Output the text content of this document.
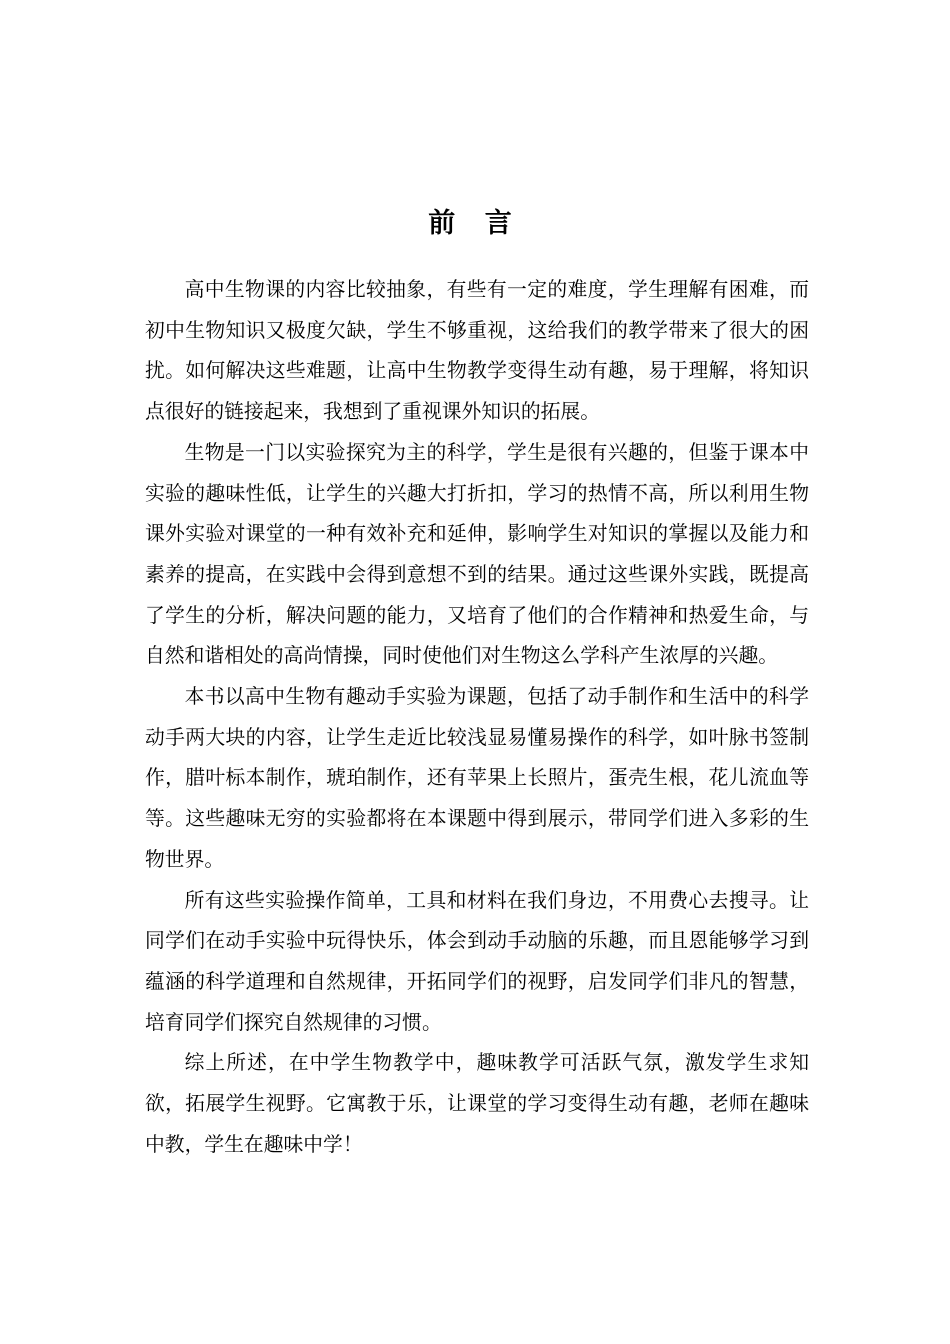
前 言

高中生物课的内容比较抽象，有些有一定的难度，学生理解有困难，而初中生物知识又极度欠缺，学生不够重视，这给我们的教学带来了很大的困扰。如何解决这些难题，让高中生物教学变得生动有趣，易于理解，将知识点很好的链接起来，我想到了重视课外知识的拓展。

生物是一门以实验探究为主的科学，学生是很有兴趣的，但鉴于课本中实验的趣味性低，让学生的兴趣大打折扣，学习的热情不高，所以利用生物课外实验对课堂的一种有效补充和延伸，影响学生对知识的掌握以及能力和素养的提高，在实践中会得到意想不到的结果。通过这些课外实践，既提高了学生的分析，解决问题的能力，又培育了他们的合作精神和热爱生命，与自然和谐相处的高尚情操，同时使他们对生物这么学科产生浓厚的兴趣。

本书以高中生物有趣动手实验为课题，包括了动手制作和生活中的科学动手两大块的内容，让学生走近比较浅显易懂易操作的科学，如叶脉书签制作，腊叶标本制作，琥珀制作，还有苹果上长照片，蛋壳生根，花儿流血等等。这些趣味无穷的实验都将在本课题中得到展示，带同学们进入多彩的生物世界。

所有这些实验操作简单，工具和材料在我们身边，不用费心去搜寻。让同学们在动手实验中玩得快乐，体会到动手动脑的乐趣，而且恩能够学习到蕴涵的科学道理和自然规律，开拓同学们的视野，启发同学们非凡的智慧，培育同学们探究自然规律的习惯。

综上所述，在中学生物教学中，趣味教学可活跃气氛，激发学生求知欲，拓展学生视野。它寓教于乐，让课堂的学习变得生动有趣，老师在趣味中教，学生在趣味中学！
